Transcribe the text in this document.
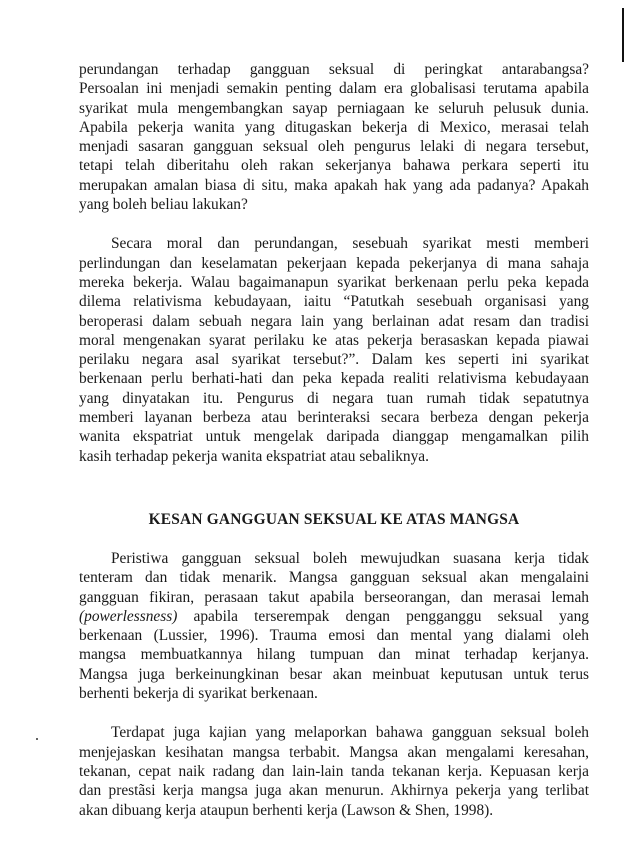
perundangan terhadap gangguan seksual di peringkat antarabangsa?
Persoalan ini menjadi semakin penting dalam era globalisasi terutama apabila
syarikat mula mengembangkan sayap perniagaan ke seluruh pelusuk dunia.
Apabila pekerja wanita yang ditugaskan bekerja di Mexico, merasai telah
menjadi sasaran gangguan seksual oleh pengurus lelaki di negara tersebut,
tetapi telah diberitahu oleh rakan sekerjanya bahawa perkara seperti itu
merupakan amalan biasa di situ, maka apakah hak yang ada padanya? Apakah
yang boleh beliau lakukan?
Secara moral dan perundangan, sesebuah syarikat mesti memberi
perlindungan dan keselamatan pekerjaan kepada pekerjanya di mana sahaja
mereka bekerja. Walau bagaimanapun syarikat berkenaan perlu peka kepada
dilema relativisma kebudayaan, iaitu “Patutkah sesebuah organisasi yang
beroperasi dalam sebuah negara lain yang berlainan adat resam dan tradisi
moral mengenakan syarat perilaku ke atas pekerja berasaskan kepada piawai
perilaku negara asal syarikat tersebut?”. Dalam kes seperti ini syarikat
berkenaan perlu berhati-hati dan peka kepada realiti relativisma kebudayaan
yang dinyatakan itu. Pengurus di negara tuan rumah tidak sepatutnya
memberi layanan berbeza atau berinteraksi secara berbeza dengan pekerja
wanita ekspatriat untuk mengelak daripada dianggap mengamalkan pilih
kasih terhadap pekerja wanita ekspatriat atau sebaliknya.
KESAN GANGGUAN SEKSUAL KE ATAS MANGSA
Peristiwa gangguan seksual boleh mewujudkan suasana kerja tidak
tenteram dan tidak menarik. Mangsa gangguan seksual akan mengalaini
gangguan fikiran, perasaan takut apabila berseorangan, dan merasai lemah
(powerlessness) apabila terserempak dengan pengganggu seksual yang
berkenaan (Lussier, 1996). Trauma emosi dan mental yang dialami oleh
mangsa membuatkannya hilang tumpuan dan minat terhadap kerjanya.
Mangsa juga berkeinungkinan besar akan meinbuat keputusan untuk terus
berhenti bekerja di syarikat berkenaan.
Terdapat juga kajian yang melaporkan bahawa gangguan seksual boleh
menjejaskan kesihatan mangsa terbabit. Mangsa akan mengalami keresahan,
tekanan, cepat naik radang dan lain-lain tanda tekanan kerja. Kepuasan kerja
dan prestãsi kerja mangsa juga akan menurun. Akhirnya pekerja yang terlibat
akan dibuang kerja ataupun berhenti kerja (Lawson & Shen, 1998).
